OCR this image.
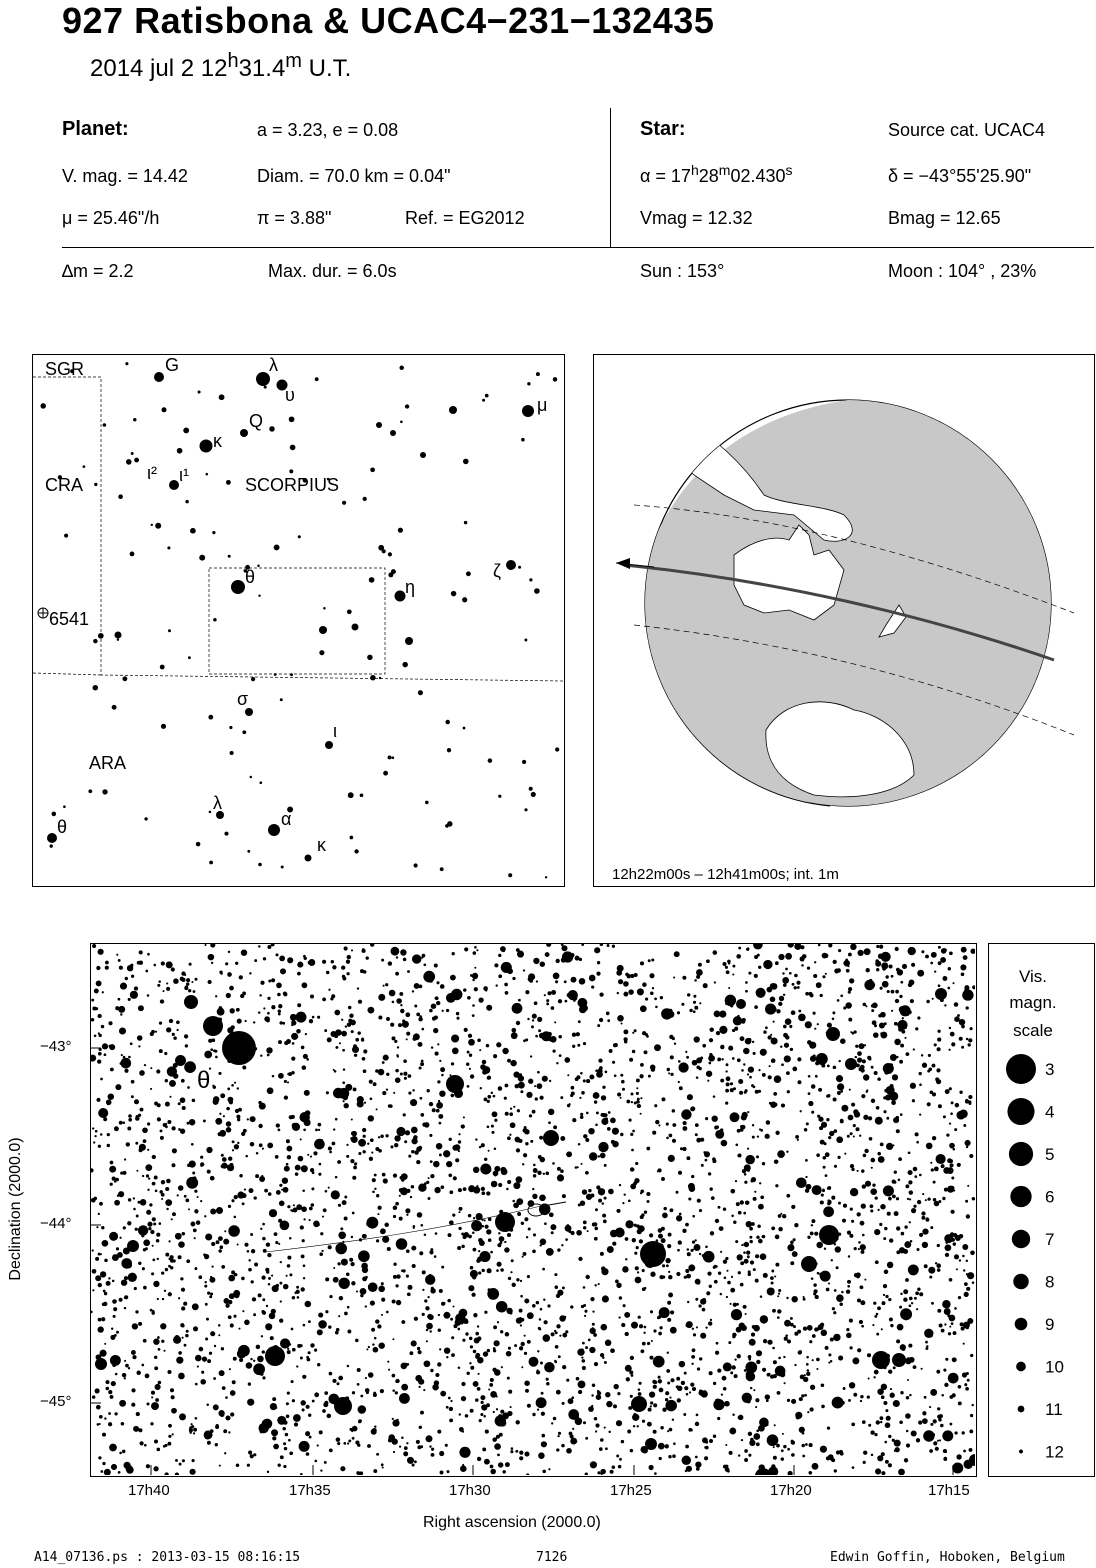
927 Ratisbona & UCAC4−231−132435
2014 jul 2 12$^h$31.4$^m$ U.T.
Planet:	a = 3.23, e = 0.08
V. mag. = 14.42	Diam. = 70.0 km = 0.04"
μ = 25.46"/h	π = 3.88"	Ref. = EG2012
Star:	Source cat. UCAC4
$\alpha = 17^h28^m02.430^s$	δ = −43°55'25.90"
Vmag = 12.32	Bmag = 12.65
∆m = 2.2	Max. dur. = 6.0s	Sun : 153°	Moon : 104° , 23%
SGR
CRA	SCORPIUS
ARA
G	λ
υ	μ
Q
κ
ι² ι¹
θ	η
ζ
σ
ι
λ
α
κ
θ
6541
12h22m00s – 12h41m00s; int. 1m
θ
17h40	17h35	17h30	17h25	17h20	17h15
−43°
−44°
−45°
Right ascension (2000.0)
Declination (2000.0)
Vis.
magn.
scale
3
4
5
6
7
8
9
10
11
12
A14_07136.ps : 2013-03-15 08:16:15	7126	Edwin Goffin, Hoboken, Belgium
